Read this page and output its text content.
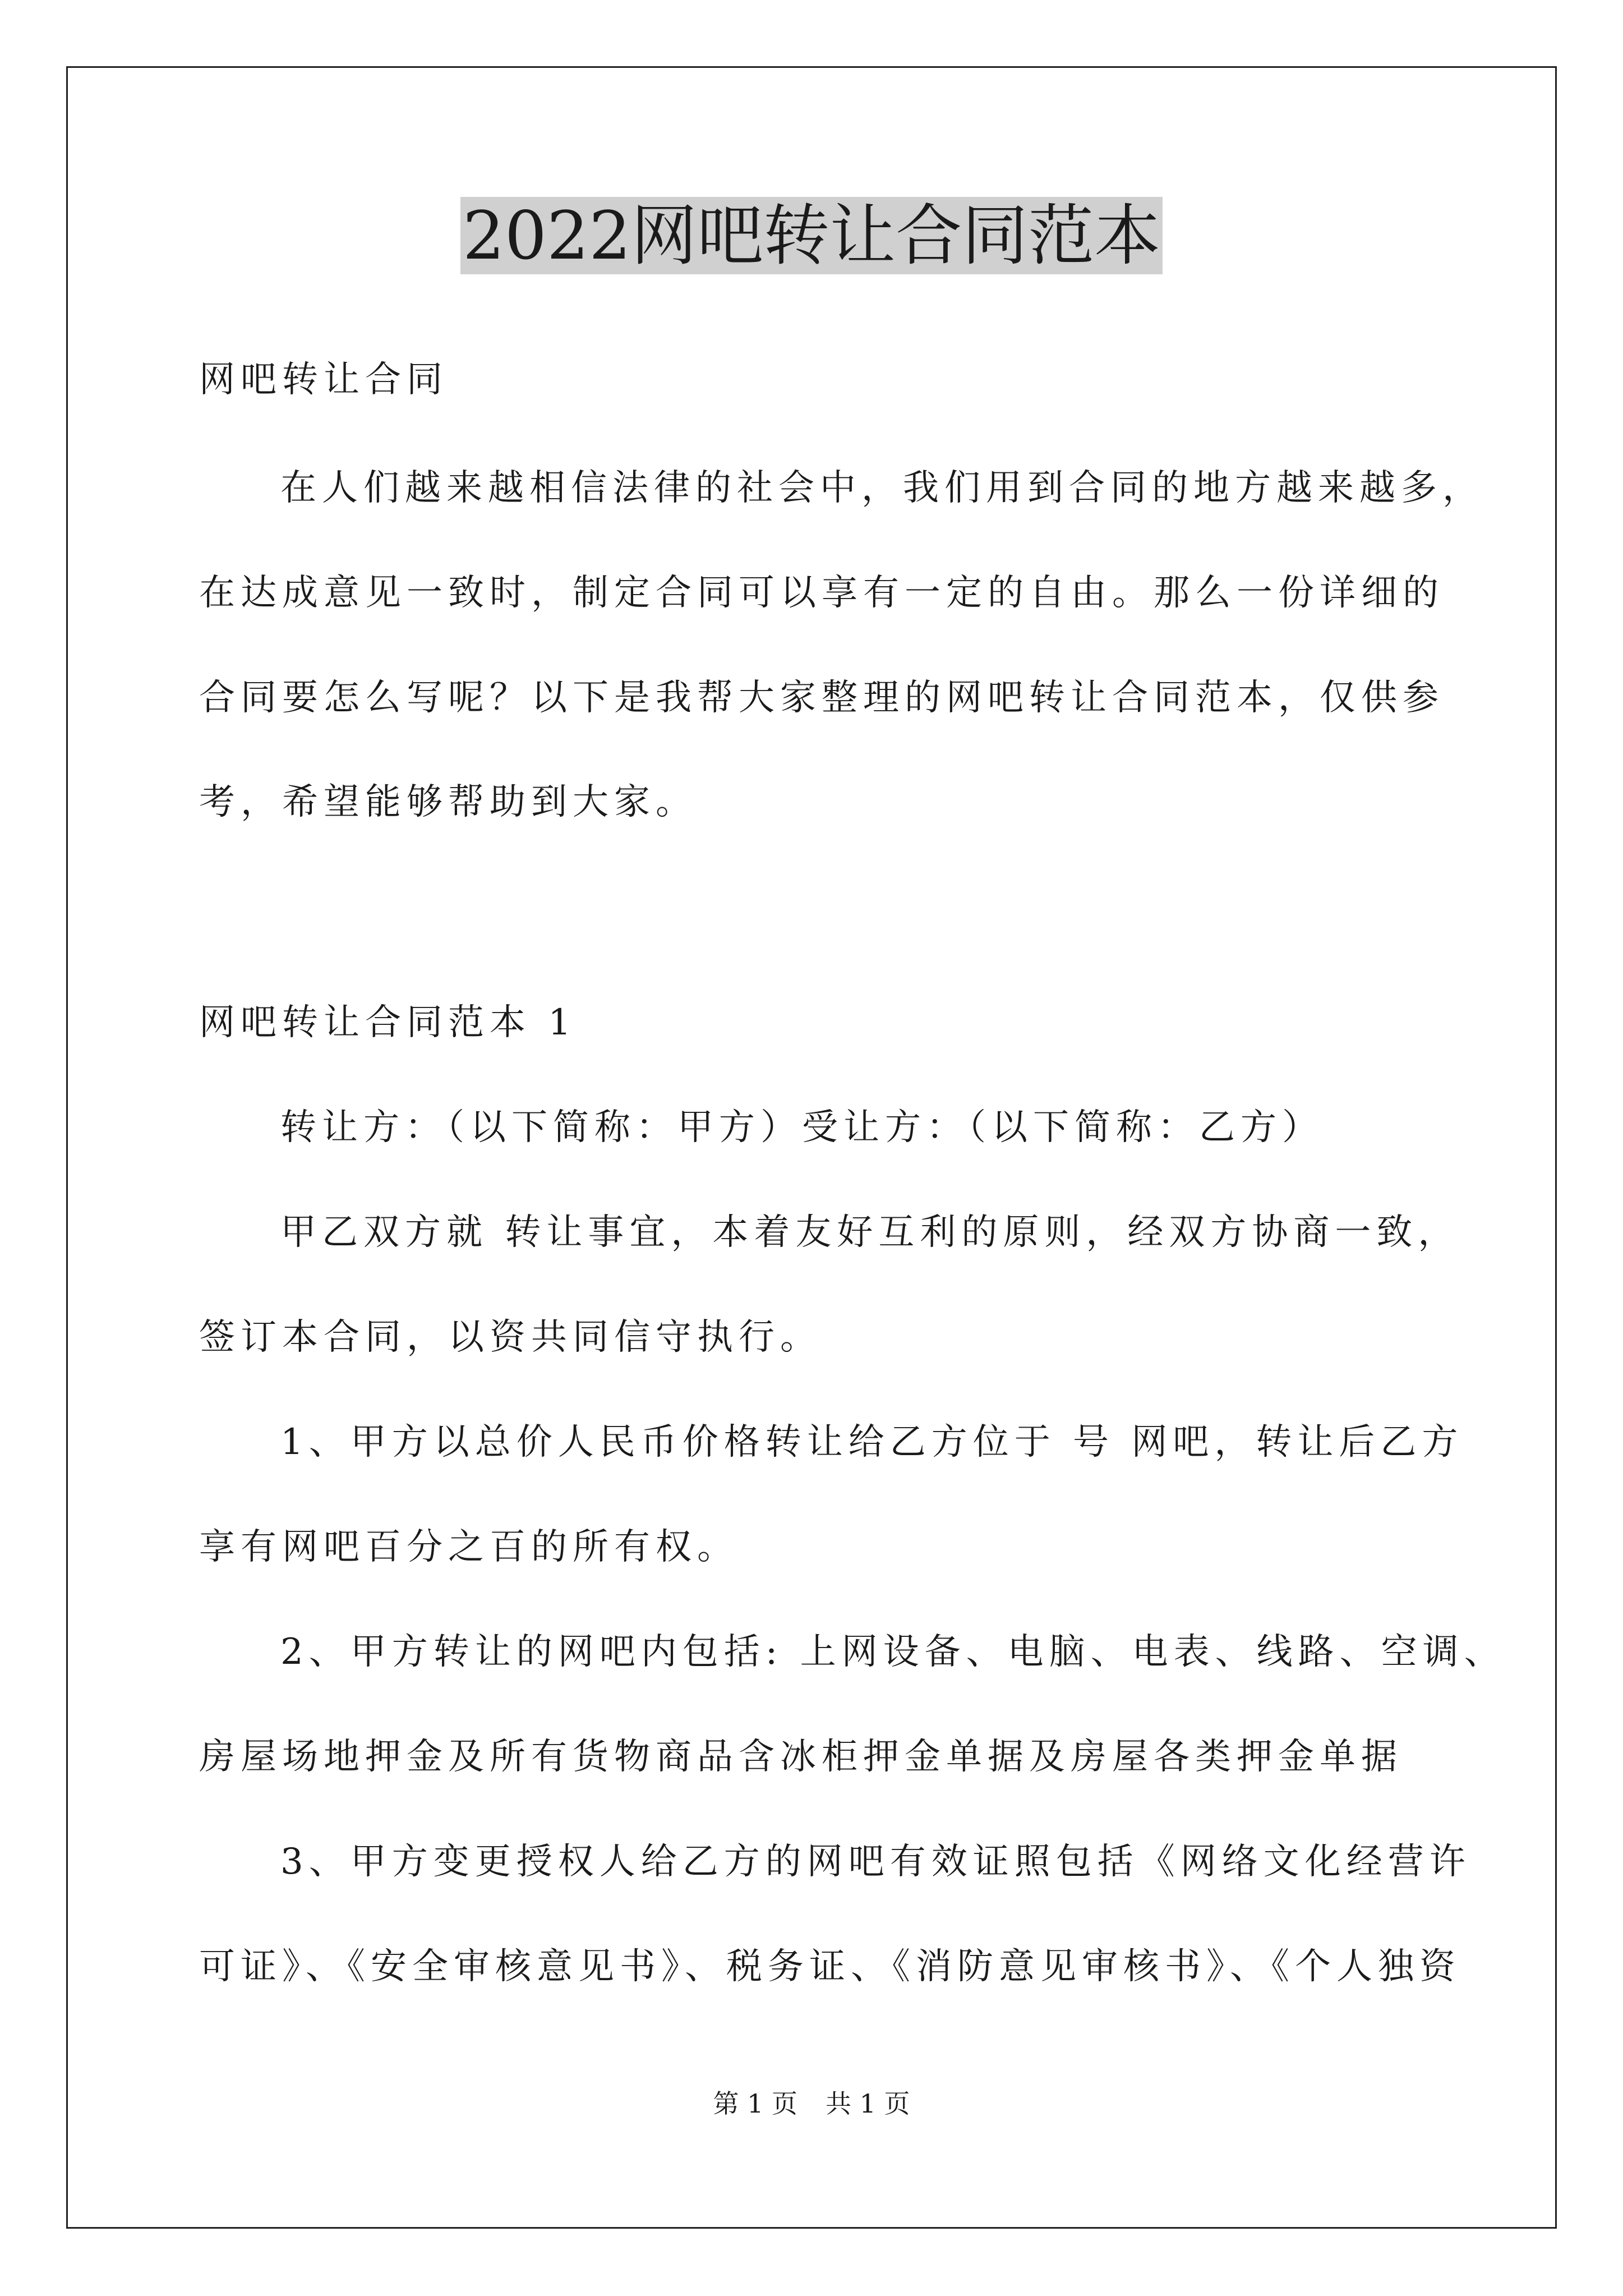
2022网吧转让合同范本
网吧转让合同
在人们越来越相信法律的社会中，我们用到合同的地方越来越多，
在达成意见一致时，制定合同可以享有一定的自由。那么一份详细的
合同要怎么写呢？以下是我帮大家整理的网吧转让合同范本，仅供参
考，希望能够帮助到大家。
网吧转让合同范本 1
转让方：（以下简称：甲方）受让方：（以下简称：乙方）
甲乙双方就 转让事宜，本着友好互利的原则，经双方协商一致，
签订本合同，以资共同信守执行。
1、甲方以总价人民币价格转让给乙方位于 号 网吧，转让后乙方
享有网吧百分之百的所有权。
2、甲方转让的网吧内包括: 上网设备、电脑、电表、线路、空调、
房屋场地押金及所有货物商品含冰柜押金单据及房屋各类押金单据
3、甲方变更授权人给乙方的网吧有效证照包括《网络文化经营许
可证》、《安全审核意见书》、税务证、《消防意见审核书》、《个人独资
第 1 页 共 1 页
